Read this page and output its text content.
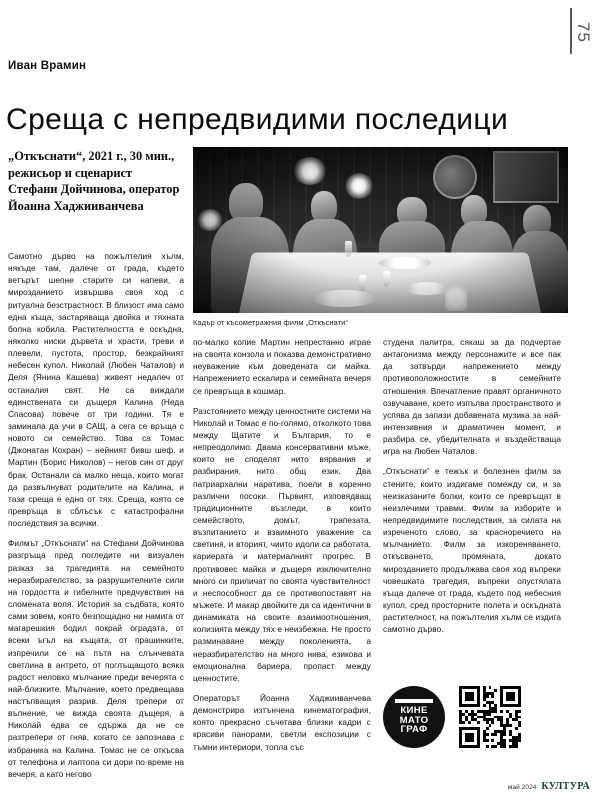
75
Иван Врамин
Среща с непредвидими последици
„Откъснати“, 2021 г., 30 мин., режисьор и сценарист Стефани Дойчинова, оператор Йоанна Хаджииванчева
Кадър от късометражния филм „Откъснати“

Самотно дърво на пожълтелия хълм, някъде там, далече от града, където ветърът шепне старите си напеви, а мирозданието извършва своя ход с ритуална безстрастност. В близост има само една къща, застаряваща двойка и тяхната болна кобила. Растителността е оскъдна, няколко ниски дървета и храсти, треви и плевели, пустота, простор, безкрайният небесен купол. Николай (Любен Чаталов) и Деля (Янина Кашева) живеят недалеч от останалия свят. Не са виждали единствената си дъщеря Калина (Неда Спасова) повече от три години. Тя е заминала да учи в САЩ, а сега се връща с новото си семейство. Това са Томас (Джонатан Кохран) – нейният бивш шеф, и Мартин (Борис Николов) – негов син от друг брак. Останали са малко неща, които могат да развълнуват родителите на Калина, и тази среща е едно от тях. Среща, която се превръща в сблъсък с катастрофални последствия за всички.

Филмът „Откъснати“ на Стефани Дойчинова разгръща пред погледите ни визуален разказ за трагедията на семейното неразбирателство, за разрушителните сили на гордостта и гибелните предчувствия на сломената воля. История за съдбата, която сами зовем, която безпощадно ни намига от магарешкия бодил покрай оградата, от всеки ъгъл на къщата, от прашинките, изпречили се на пътя на слънчевата светлина в антрето, от поглъщащото всяка радост неловко мълчание преди вечерята с най-близките. Мълчание, което предвещава настъпващия разрив. Деля трепери от вълнение, че вижда своята дъщеря, а Николай едва се сдържа да не се разтрепери от гняв, когато се запознава с избраника на Калина. Томас не се откъсва от телефона и лаптопа си дори по време на вечеря, а като негово

по-малко копие Мартин непрестанно играе на своята конзола и показва демонстративно неуважение към доведената си майка. Напрежението ескалира и семейната вечеря се превръща в кошмар.

Разстоянието между ценностните системи на Николай и Томас е по-голямо, отколкото това между Щатите и България, то е непреодолимо. Двама консервативни мъже, които не споделят нито вярвания и разбирания, нито общ език. Два патриархални наратива, поели в коренно различни посоки. Първият, изповядващ традиционните възгледи, в които семейството, домът, трапезата, възпитанието и взаимното уважение са светиня, и вторият, чиито идоли са работата, кариерата и материалният прогрес. В противовес майка и дъщеря изключително много си приличат по своята чувствителност и неспособност да се противопоставят на мъжете. И макар двойките да са идентични в динамиката на своите взаимоотношения, колизията между тях е неизбежна. Не просто разминаване между поколенията, а неразбирателство на много нива, езикова и емоционална бариера, пропаст между ценностите.

Операторът Йоанна Хаджииванчева демонстрира изтънчена кинематография, която прекрасно съчетава близки кадри с красиви панорами, светли експозиции с тъмни интериори, топла със

студена палитра, сякаш за да подчертае антагонизма между персонажите и все пак да затвърди напрежението между противоположностите в семейните отношения. Впечатление правят органичното озвучаване, което изпълва пространството и успява да запази добавената музика за най-интензивния и драматичен момент, и разбира се, убедителната и въздействаща игра на Любен Чаталов.

„Откъснати“ е тежък и болезнен филм за стените, които издигаме помежду си, и за неизказаните болки, които се превръщат в неизлечими травми. Филм за изборите и непредвидимите последствия, за силата на изреченото слово, за красноречието на мълчанието. Филм за изкореняването, откъсването, промяната, докато мирозданието продължава своя ход въпреки човешката трагедия, въпреки опустялата къща далече от града, където под небесния купол, сред просторните полета и оскъдната растителност, на пожълтелия хълм се издига самотно дърво.

КИНЕ
МАТО
ГРАФ
май 2024 КУЛТУРА
